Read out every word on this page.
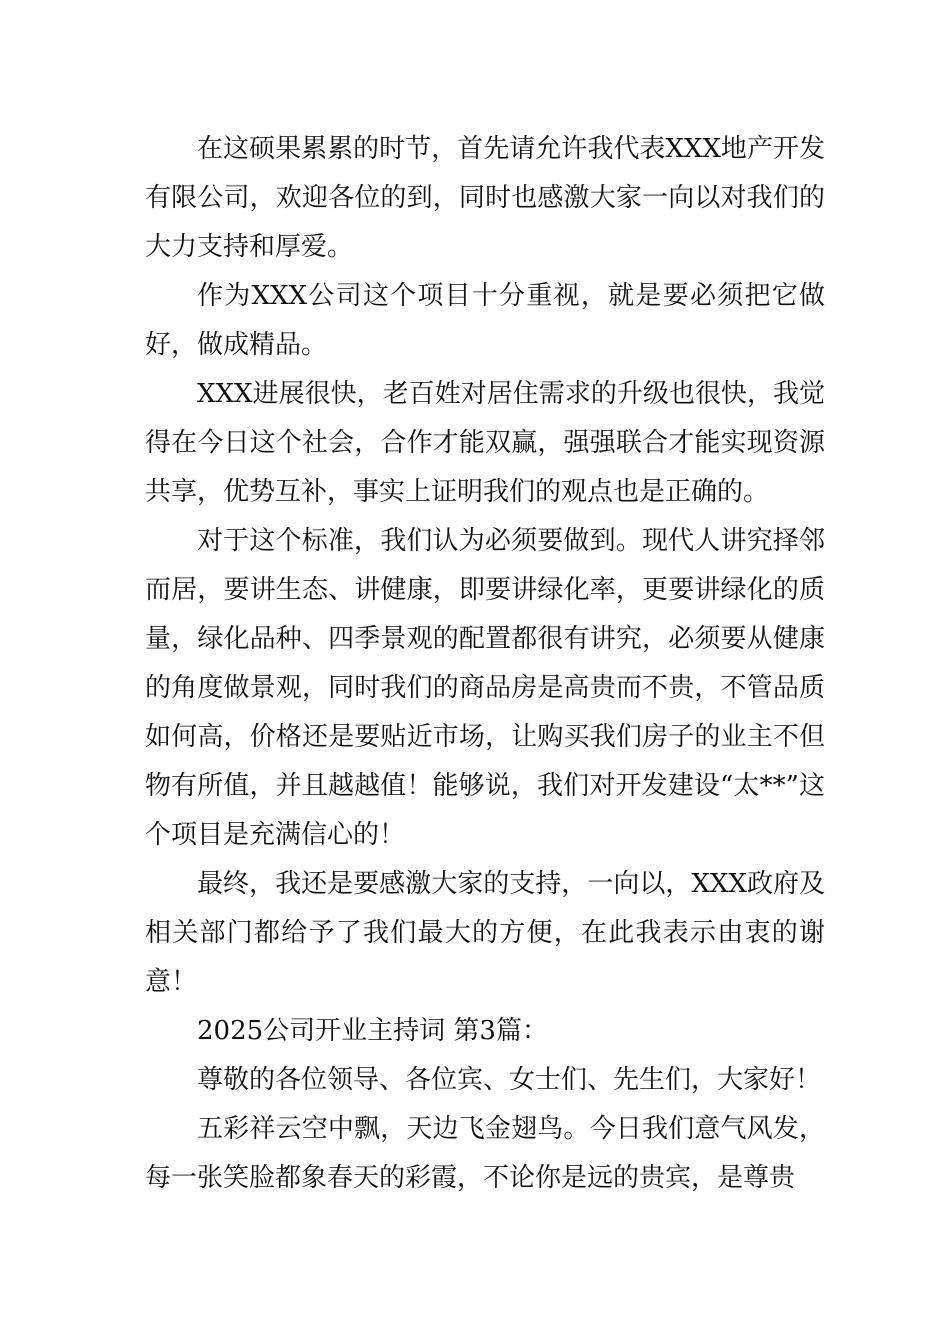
在这硕果累累的时节，首先请允许我代表XXX地产开发有限公司，欢迎各位的到，同时也感激大家一向以对我们的大力支持和厚爱。

作为XXX公司这个项目十分重视，就是要必须把它做好，做成精品。

XXX进展很快，老百姓对居住需求的升级也很快，我觉得在今日这个社会，合作才能双赢，强强联合才能实现资源共享，优势互补，事实上证明我们的观点也是正确的。

对于这个标准，我们认为必须要做到。现代人讲究择邻而居，要讲生态、讲健康，即要讲绿化率，更要讲绿化的质量，绿化品种、四季景观的配置都很有讲究，必须要从健康的角度做景观，同时我们的商品房是高贵而不贵，不管品质如何高，价格还是要贴近市场，让购买我们房子的业主不但物有所值，并且越越值！能够说，我们对开发建设“太**”这个项目是充满信心的！

最终，我还是要感激大家的支持，一向以，XXX政府及相关部门都给予了我们最大的方便，在此我表示由衷的谢意！

2025公司开业主持词 第3篇：

尊敬的各位领导、各位宾、女士们、先生们，大家好！

五彩祥云空中飘，天边飞金翅鸟。今日我们意气风发，每一张笑脸都象春天的彩霞，不论你是远的贵宾，是尊贵
